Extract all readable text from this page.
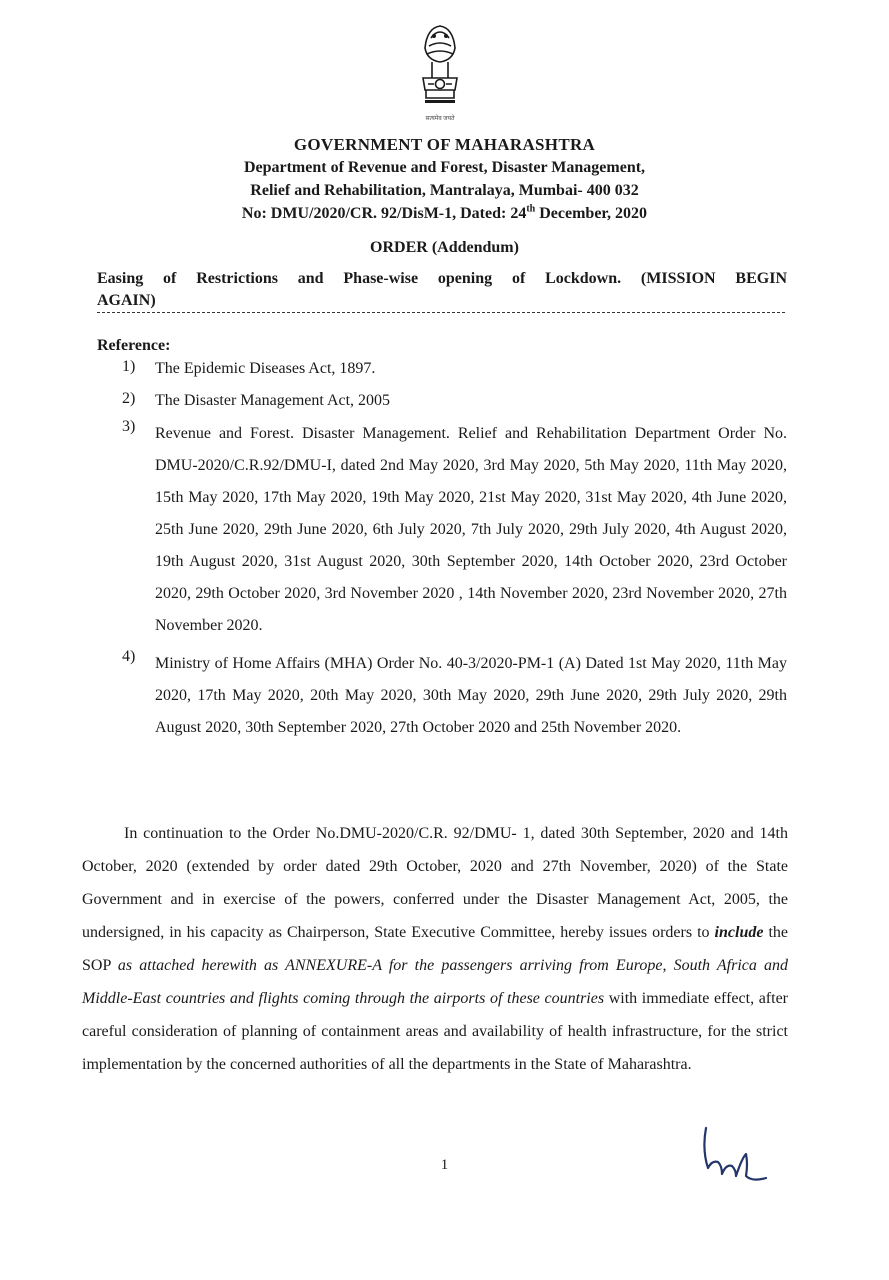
सत्यमेव जयते
GOVERNMENT OF MAHARASHTRA
Department of Revenue and Forest, Disaster Management,
Relief and Rehabilitation, Mantralaya, Mumbai- 400 032
No: DMU/2020/CR. 92/DisM-1, Dated: 24th December, 2020
ORDER (Addendum)
Easing of Restrictions and Phase-wise opening of Lockdown. (MISSION BEGIN
AGAIN)
Reference:
1) The Epidemic Diseases Act, 1897.
2) The Disaster Management Act, 2005
3) Revenue and Forest. Disaster Management. Relief and Rehabilitation Department Order No. DMU-2020/C.R.92/DMU-I, dated 2nd May 2020, 3rd May 2020, 5th May 2020, 11th May 2020, 15th May 2020, 17th May 2020, 19th May 2020, 21st May 2020, 31st May 2020, 4th June 2020, 25th June 2020, 29th June 2020, 6th July 2020, 7th July 2020, 29th July 2020, 4th August 2020, 19th August 2020, 31st August 2020, 30th September 2020, 14th October 2020, 23rd October 2020, 29th October 2020, 3rd November 2020 , 14th November 2020, 23rd November 2020, 27th November 2020.
4) Ministry of Home Affairs (MHA) Order No. 40-3/2020-PM-1 (A) Dated 1st May 2020, 11th May 2020, 17th May 2020, 20th May 2020, 30th May 2020, 29th June 2020, 29th July 2020, 29th August 2020, 30th September 2020, 27th October 2020 and 25th November 2020.
In continuation to the Order No.DMU-2020/C.R. 92/DMU- 1, dated 30th September, 2020 and 14th October, 2020 (extended by order dated 29th October, 2020 and 27th November, 2020) of the State Government and in exercise of the powers, conferred under the Disaster Management Act, 2005, the undersigned, in his capacity as Chairperson, State Executive Committee, hereby issues orders to include the SOP as attached herewith as ANNEXURE-A for the passengers arriving from Europe, South Africa and Middle-East countries and flights coming through the airports of these countries with immediate effect, after careful consideration of planning of containment areas and availability of health infrastructure, for the strict implementation by the concerned authorities of all the departments in the State of Maharashtra.
1
